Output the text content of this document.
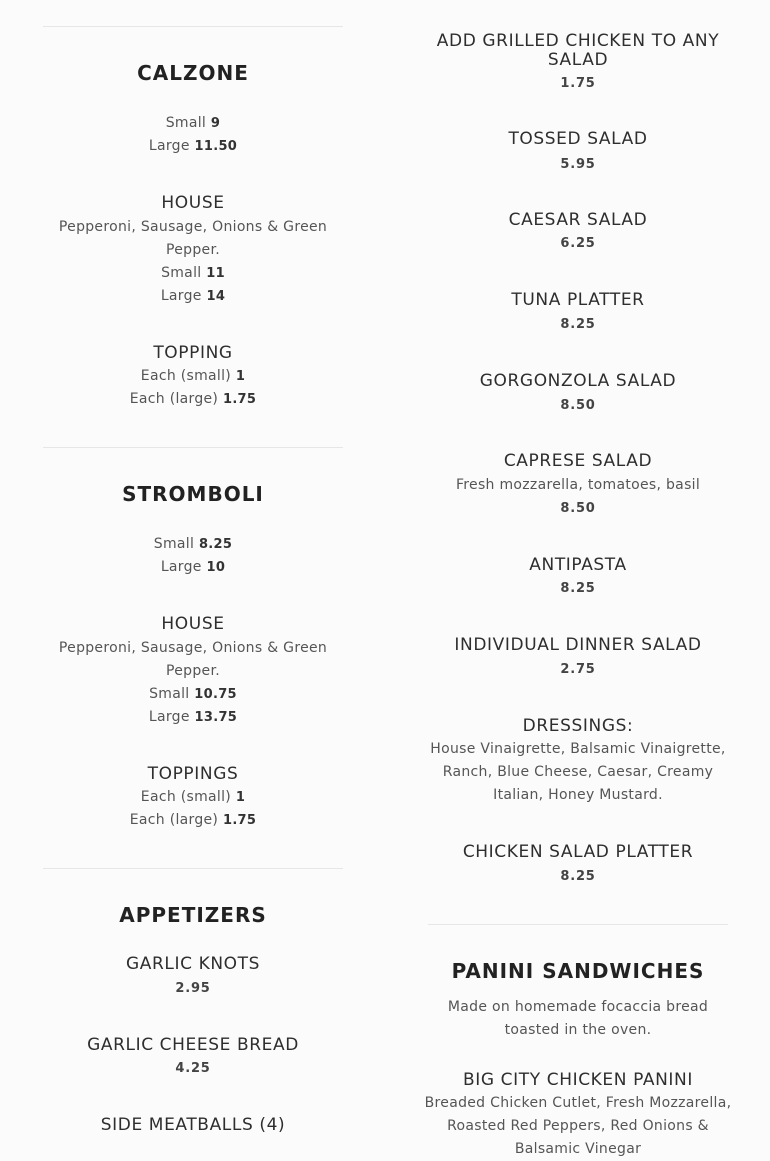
CALZONE
Small 9
Large 11.50
HOUSE
Pepperoni, Sausage, Onions & Green Pepper.
Small 11
Large 14
TOPPING
Each (small) 1
Each (large) 1.75
STROMBOLI
Small 8.25
Large 10
HOUSE
Pepperoni, Sausage, Onions & Green Pepper.
Small 10.75
Large 13.75
TOPPINGS
Each (small) 1
Each (large) 1.75
APPETIZERS
GARLIC KNOTS
2.95
GARLIC CHEESE BREAD
4.25
SIDE MEATBALLS (4)
ADD GRILLED CHICKEN TO ANY SALAD
1.75
TOSSED SALAD
5.95
CAESAR SALAD
6.25
TUNA PLATTER
8.25
GORGONZOLA SALAD
8.50
CAPRESE SALAD
Fresh mozzarella, tomatoes, basil
8.50
ANTIPASTA
8.25
INDIVIDUAL DINNER SALAD
2.75
DRESSINGS:
House Vinaigrette, Balsamic Vinaigrette, Ranch, Blue Cheese, Caesar, Creamy Italian, Honey Mustard.
CHICKEN SALAD PLATTER
8.25
PANINI SANDWICHES
Made on homemade focaccia bread toasted in the oven.
BIG CITY CHICKEN PANINI
Breaded Chicken Cutlet, Fresh Mozzarella, Roasted Red Peppers, Red Onions & Balsamic Vinegar
